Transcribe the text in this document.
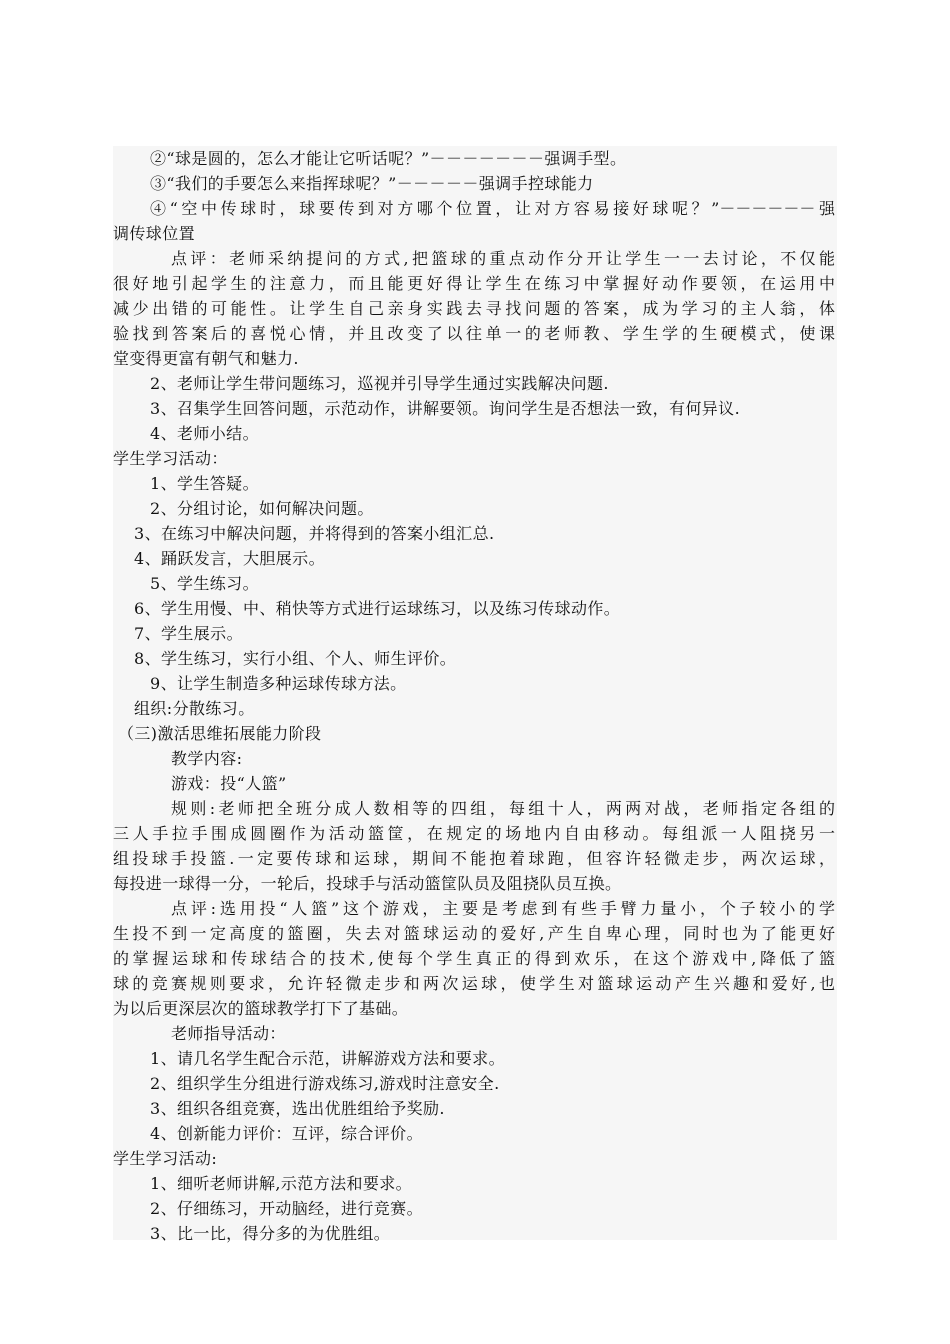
②“球是圆的，怎么才能让它听话呢？”－－－－－－－强调手型。
③“我们的手要怎么来指挥球呢？”－－－－－强调手控球能力
④“空中传球时，球要传到对方哪个位置，让对方容易接好球呢？”－－－－－－强
调传球位置
点评：老师采纳提问的方式,把篮球的重点动作分开让学生一一去讨论，不仅能
很好地引起学生的注意力，而且能更好得让学生在练习中掌握好动作要领，在运用中
减少出错的可能性。让学生自己亲身实践去寻找问题的答案，成为学习的主人翁，体
验找到答案后的喜悦心情，并且改变了以往单一的老师教、学生学的生硬模式，使课
堂变得更富有朝气和魅力.
2、老师让学生带问题练习，巡视并引导学生通过实践解决问题.
3、召集学生回答问题，示范动作，讲解要领。询问学生是否想法一致，有何异议.
4、老师小结。
学生学习活动：
1、学生答疑。
2、分组讨论，如何解决问题。
3、在练习中解决问题，并将得到的答案小组汇总.
4、踊跃发言，大胆展示。
5、学生练习。
6、学生用慢、中、稍快等方式进行运球练习，以及练习传球动作。
7、学生展示。
8、学生练习，实行小组、个人、师生评价。
9、让学生制造多种运球传球方法。
组织:分散练习。
（三)激活思维拓展能力阶段
教学内容:
游戏：投“人篮”
规则:老师把全班分成人数相等的四组，每组十人，两两对战，老师指定各组的
三人手拉手围成圆圈作为活动篮筐，在规定的场地内自由移动。每组派一人阻挠另一
组投球手投篮.一定要传球和运球，期间不能抱着球跑，但容许轻微走步，两次运球，
每投进一球得一分，一轮后，投球手与活动篮筐队员及阻挠队员互换。
点评:选用投“人篮”这个游戏，主要是考虑到有些手臂力量小，个子较小的学
生投不到一定高度的篮圈，失去对篮球运动的爱好,产生自卑心理，同时也为了能更好
的掌握运球和传球结合的技术,使每个学生真正的得到欢乐，在这个游戏中,降低了篮
球的竞赛规则要求，允许轻微走步和两次运球，使学生对篮球运动产生兴趣和爱好,也
为以后更深层次的篮球教学打下了基础。
老师指导活动：
1、请几名学生配合示范，讲解游戏方法和要求。
2、组织学生分组进行游戏练习,游戏时注意安全.
3、组织各组竞赛，选出优胜组给予奖励.
4、创新能力评价：互评，综合评价。
学生学习活动:
1、细听老师讲解,示范方法和要求。
2、仔细练习，开动脑经，进行竞赛。
3、比一比，得分多的为优胜组。
